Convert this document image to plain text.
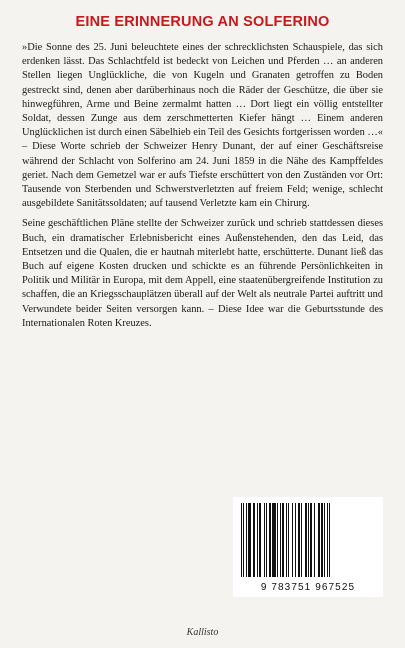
EINE ERINNERUNG AN SOLFERINO

»Die Sonne des 25. Juni beleuchtete eines der schrecklichsten Schauspiele, das sich erdenken lässt. Das Schlachtfeld ist bedeckt von Leichen und Pferden … an anderen Stellen liegen Unglückliche, die von Kugeln und Granaten getroffen zu Boden gestreckt sind, denen aber darüberhinaus noch die Räder der Geschütze, die über sie hinwegführen, Arme und Beine zermalmt hatten … Dort liegt ein völlig entstellter Soldat, dessen Zunge aus dem zerschmetterten Kiefer hängt … Einem anderen Unglücklichen ist durch einen Säbelhieb ein Teil des Gesichts fortgerissen worden …« – Diese Worte schrieb der Schweizer Henry Dunant, der auf einer Geschäftsreise während der Schlacht von Solferino am 24. Juni 1859 in die Nähe des Kampffeldes geriet. Nach dem Gemetzel war er aufs Tiefste erschüttert von den Zuständen vor Ort: Tausende von Sterbenden und Schwerstverletzten auf freiem Feld; wenige, schlecht ausgebildete Sanitätssoldaten; auf tausend Verletzte kam ein Chirurg.

Seine geschäftlichen Pläne stellte der Schweizer zurück und schrieb stattdessen dieses Buch, ein dramatischer Erlebnisbericht eines Außenstehenden, den das Leid, das Entsetzen und die Qualen, die er hautnah miterlebt hatte, erschütterte. Dunant ließ das Buch auf eigene Kosten drucken und schickte es an führende Persönlichkeiten in Politik und Militär in Europa, mit dem Appell, eine staatenübergreifende Institution zu schaffen, die an Kriegsschauplätzen überall auf der Welt als neutrale Partei auftritt und Verwundete beider Seiten versorgen kann. – Diese Idee war die Geburtsstunde des Internationalen Roten Kreuzes.

9 783751 967525
Kallisto
